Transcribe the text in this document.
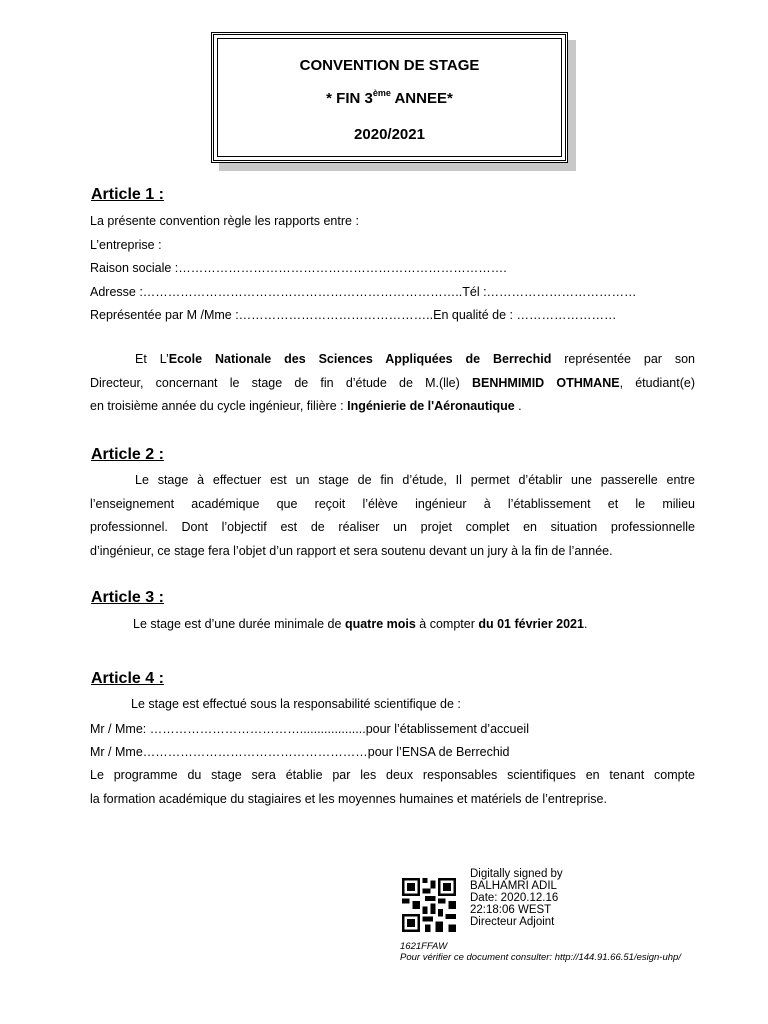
CONVENTION DE STAGE
* FIN 3ème ANNEE*
2020/2021
Article 1 :
La présente convention règle les rapports entre :
L’entreprise :
Raison sociale :…………………………………………………………………….
Adresse :…………………………………………………………………..Tél :………………………………
Représentée par M /Mme :………………………………………..En qualité de : ……………………
Et L’Ecole Nationale des Sciences Appliquées de Berrechid représentée par son
Directeur, concernant le stage de fin d’étude de M.(lle) BENHMIMID OTHMANE, étudiant(e)
en troisième année du cycle ingénieur, filière : Ingénierie de l'Aéronautique .
Article 2 :
Le stage à effectuer est un stage de fin d’étude, Il permet d’établir une passerelle entre
l’enseignement académique que reçoit l’élève ingénieur à l’établissement et le milieu
professionnel. Dont l’objectif est de réaliser un projet complet en situation professionnelle
d’ingénieur, ce stage fera l’objet d’un rapport et sera soutenu devant un jury à la fin de l’année.
Article 3 :
Le stage est d’une durée minimale de quatre mois à compter du 01 février 2021.
Article 4 :
Le stage est effectué sous la responsabilité scientifique de :
Mr / Mme: ………………………………...................pour l’établissement d’accueil
Mr / Mme………………………………………………pour l’ENSA de Berrechid
Le programme du stage sera établie par les deux responsables scientifiques en tenant compte
la formation académique du stagiaires et les moyennes humaines et matériels de l’entreprise.
Digitally signed by
BALHAMRI ADIL
Date: 2020.12.16
22:18:06 WEST
Directeur Adjoint
1621FFAW
Pour vérifier ce document consulter: http://144.91.66.51/esign-uhp/
